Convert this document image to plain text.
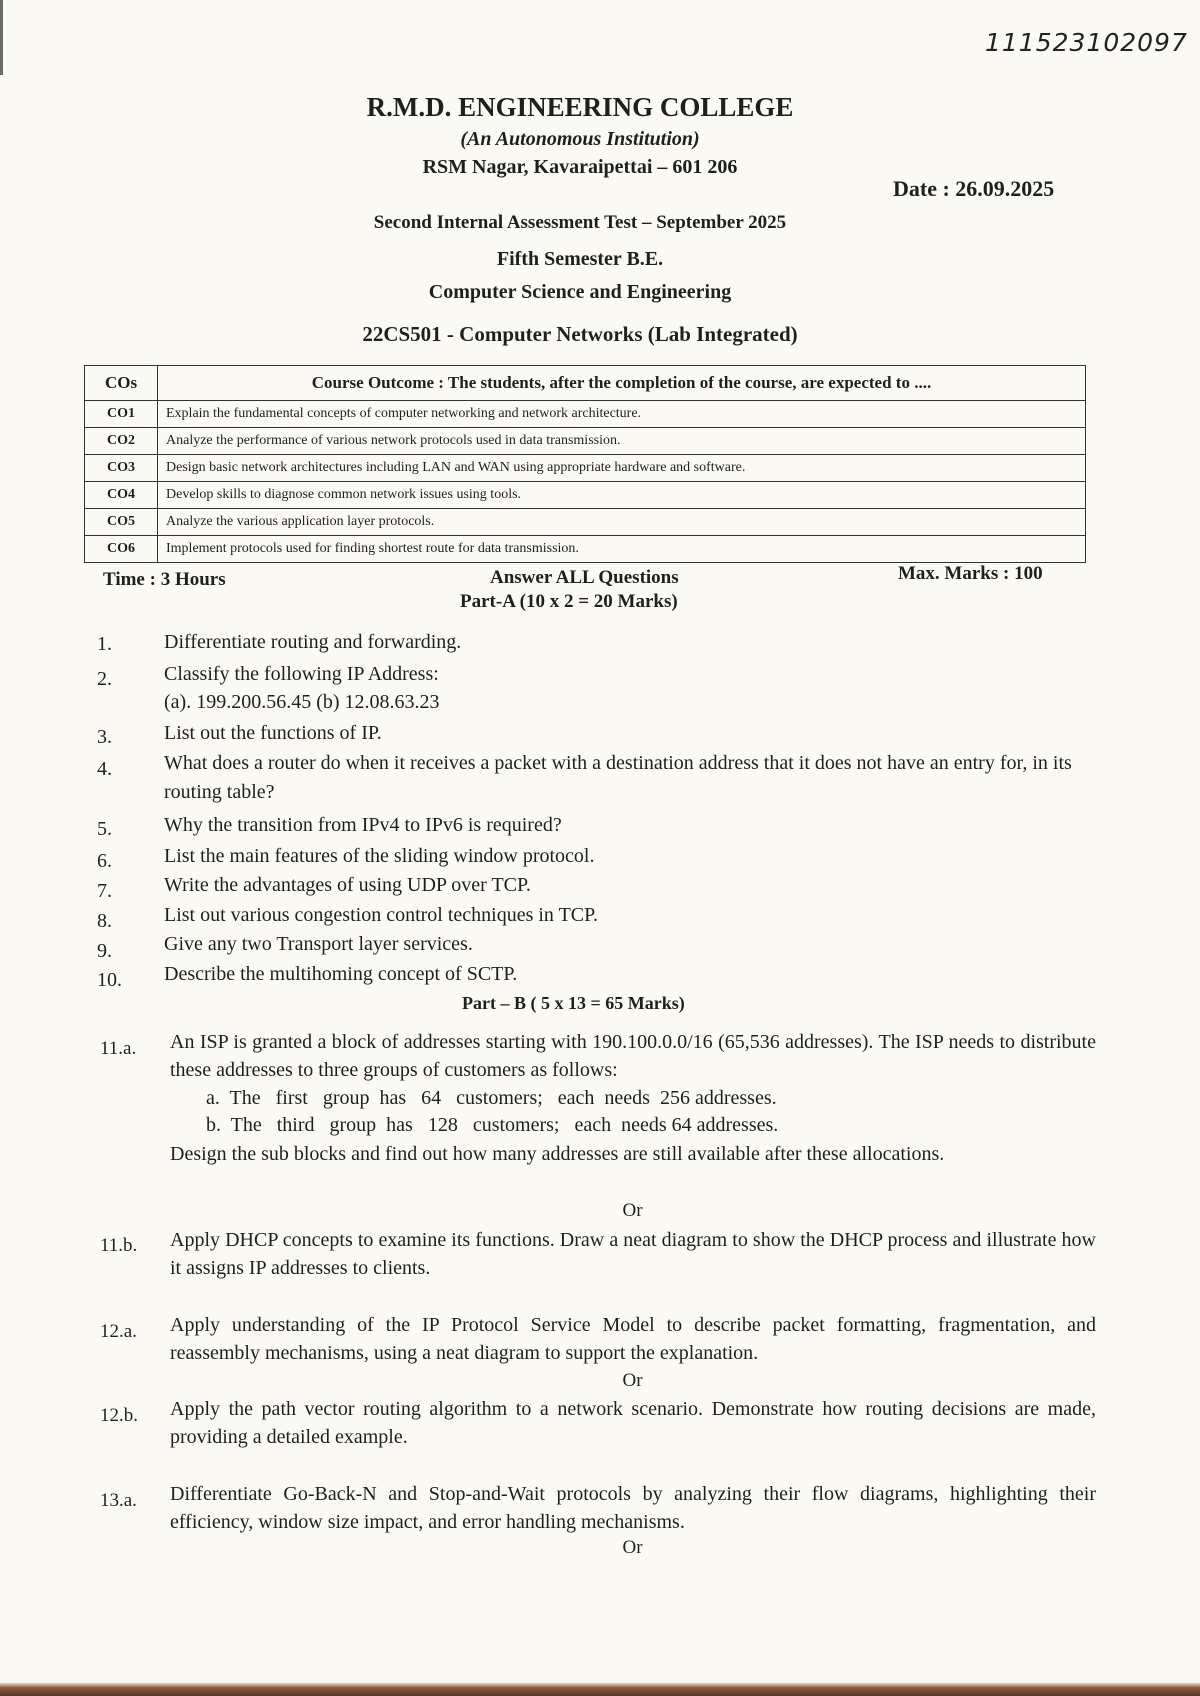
111523102097
R.M.D. ENGINEERING COLLEGE
(An Autonomous Institution)
RSM Nagar, Kavaraipettai – 601 206
Date : 26.09.2025
Second Internal Assessment Test – September 2025
Fifth Semester B.E.
Computer Science and Engineering
22CS501 - Computer Networks (Lab Integrated)
COs	Course Outcome : The students, after the completion of the course, are expected to ....
CO1	Explain the fundamental concepts of computer networking and network architecture.
CO2	Analyze the performance of various network protocols used in data transmission.
CO3	Design basic network architectures including LAN and WAN using appropriate hardware and software.
CO4	Develop skills to diagnose common network issues using tools.
CO5	Analyze the various application layer protocols.
CO6	Implement protocols used for finding shortest route for data transmission.
Time : 3 Hours	Answer ALL Questions	Max. Marks : 100
Part-A (10 x 2 = 20 Marks)
1.	Differentiate routing and forwarding.
2.	Classify the following IP Address:
(a). 199.200.56.45 (b) 12.08.63.23
3.	List out the functions of IP.
4.	What does a router do when it receives a packet with a destination address that it does not have an entry for, in its routing table?
5.	Why the transition from IPv4 to IPv6 is required?
6.	List the main features of the sliding window protocol.
7.	Write the advantages of using UDP over TCP.
8.	List out various congestion control techniques in TCP.
9.	Give any two Transport layer services.
10.	Describe the multihoming concept of SCTP.
Part – B ( 5 x 13 = 65 Marks)
11.a.	An ISP is granted a block of addresses starting with 190.100.0.0/16 (65,536 addresses). The ISP needs to distribute these addresses to three groups of customers as follows:
a.  The   first   group  has   64   customers;   each  needs  256 addresses.
b.  The   third   group  has   128   customers;   each  needs 64 addresses.
Design the sub blocks and find out how many addresses are still available after these allocations.
Or
11.b.	Apply DHCP concepts to examine its functions. Draw a neat diagram to show the DHCP process and illustrate how it assigns IP addresses to clients.
12.a.	Apply understanding of the IP Protocol Service Model to describe packet formatting, fragmentation, and reassembly mechanisms, using a neat diagram to support the explanation.
Or
12.b.	Apply the path vector routing algorithm to a network scenario. Demonstrate how routing decisions are made, providing a detailed example.
13.a.	Differentiate Go-Back-N and Stop-and-Wait protocols by analyzing their flow diagrams, highlighting their efficiency, window size impact, and error handling mechanisms.
Or
